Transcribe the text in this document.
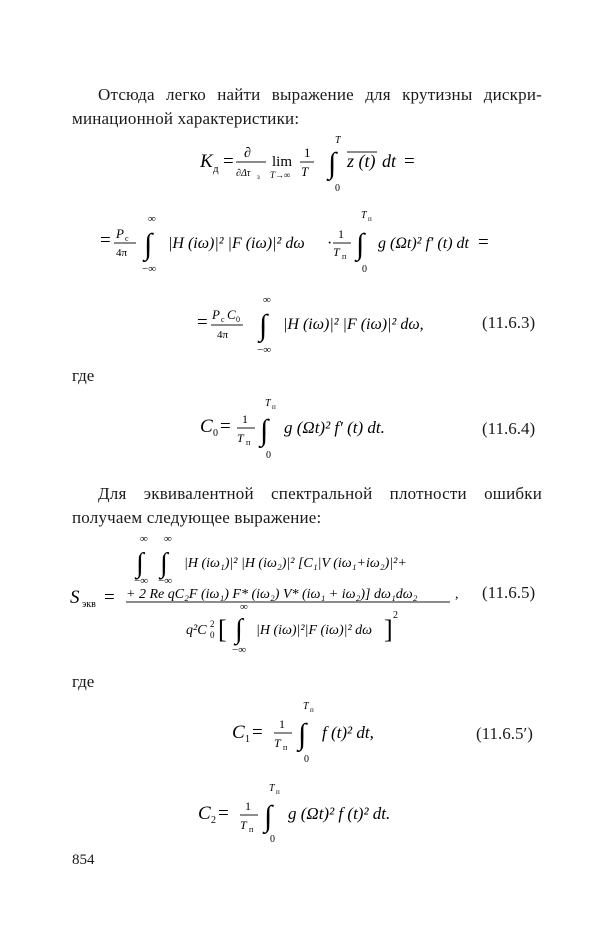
Отсюда легко найти выражение для крутизны дискри-
минационной характеристики:
K д = ∂
∂Δτ з
lim
T→∞
1
T
T
∫
0
z (t) dt =
= P c
4π
∞
∫
−∞
|H (iω)|² |F (iω)|² dω ·
1
T п
T п
∫
0
g (Ωt)² f′ (t) dt =
= P c C 0
4π
∞
∫
−∞
|H (iω)|² |F (iω)|² dω,	(11.6.3)
где
C 0 = 1
T п
T п
∫
0
g (Ωt)² f′ (t) dt.	(11.6.4)
Для эквивалентной спектральной плотности ошибки
получаем следующее выражение:
S экв =
∞ ∞
∫ ∫
−∞ −∞
|H (iω₁)|² |H (iω₂)|² [C₁|V (iω₁+iω₂)|²+
+ 2 Re qC₂F (iω₁) F* (iω₂) V* (iω₁ + iω₂)] dω₁dω₂	,
q²C 0
2 [
∞
∫
−∞
|H (iω)|²|F (iω)|² dω ] 2
(11.6.5)
где
C 1 = 1
T п
T п
∫
0
f (t)² dt,	(11.6.5′)
C 2 = 1
T п
T п
∫
0
g (Ωt)² f (t)² dt.
854
